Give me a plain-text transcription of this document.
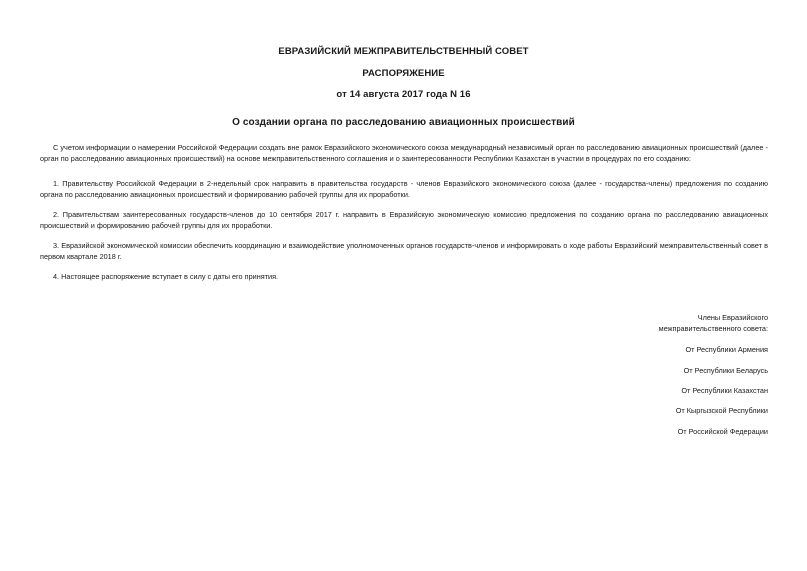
ЕВРАЗИЙСКИЙ МЕЖПРАВИТЕЛЬСТВЕННЫЙ СОВЕТ
РАСПОРЯЖЕНИЕ
от 14 августа 2017 года N 16
О создании органа по расследованию авиационных происшествий

С учетом информации о намерении Российской Федерации создать вне рамок Евразийского экономического союза международный независимый орган по расследованию авиационных происшествий (далее - орган по расследованию авиационных происшествий) на основе межправительственного соглашения и о заинтересованности Республики Казахстан в участии в процедурах по его созданию:

1. Правительству Российской Федерации в 2-недельный срок направить в правительства государств - членов Евразийского экономического союза (далее - государства-члены) предложения по созданию органа по расследованию авиационных происшествий и формированию рабочей группы для их проработки.

2. Правительствам заинтересованных государств-членов до 10 сентября 2017 г. направить в Евразийскую экономическую комиссию предложения по созданию органа по расследованию авиационных происшествий и формированию рабочей группы для их проработки.

3. Евразийской экономической комиссии обеспечить координацию и взаимодействие уполномоченных органов государств-членов и информировать о ходе работы Евразийский межправительственный совет в первом квартале 2018 г.

4. Настоящее распоряжение вступает в силу с даты его принятия.

Члены Евразийского

межправительственного совета:

От Республики Армения

От Республики Беларусь

От Республики Казахстан

От Кыргызской Республики

От Российской Федерации
